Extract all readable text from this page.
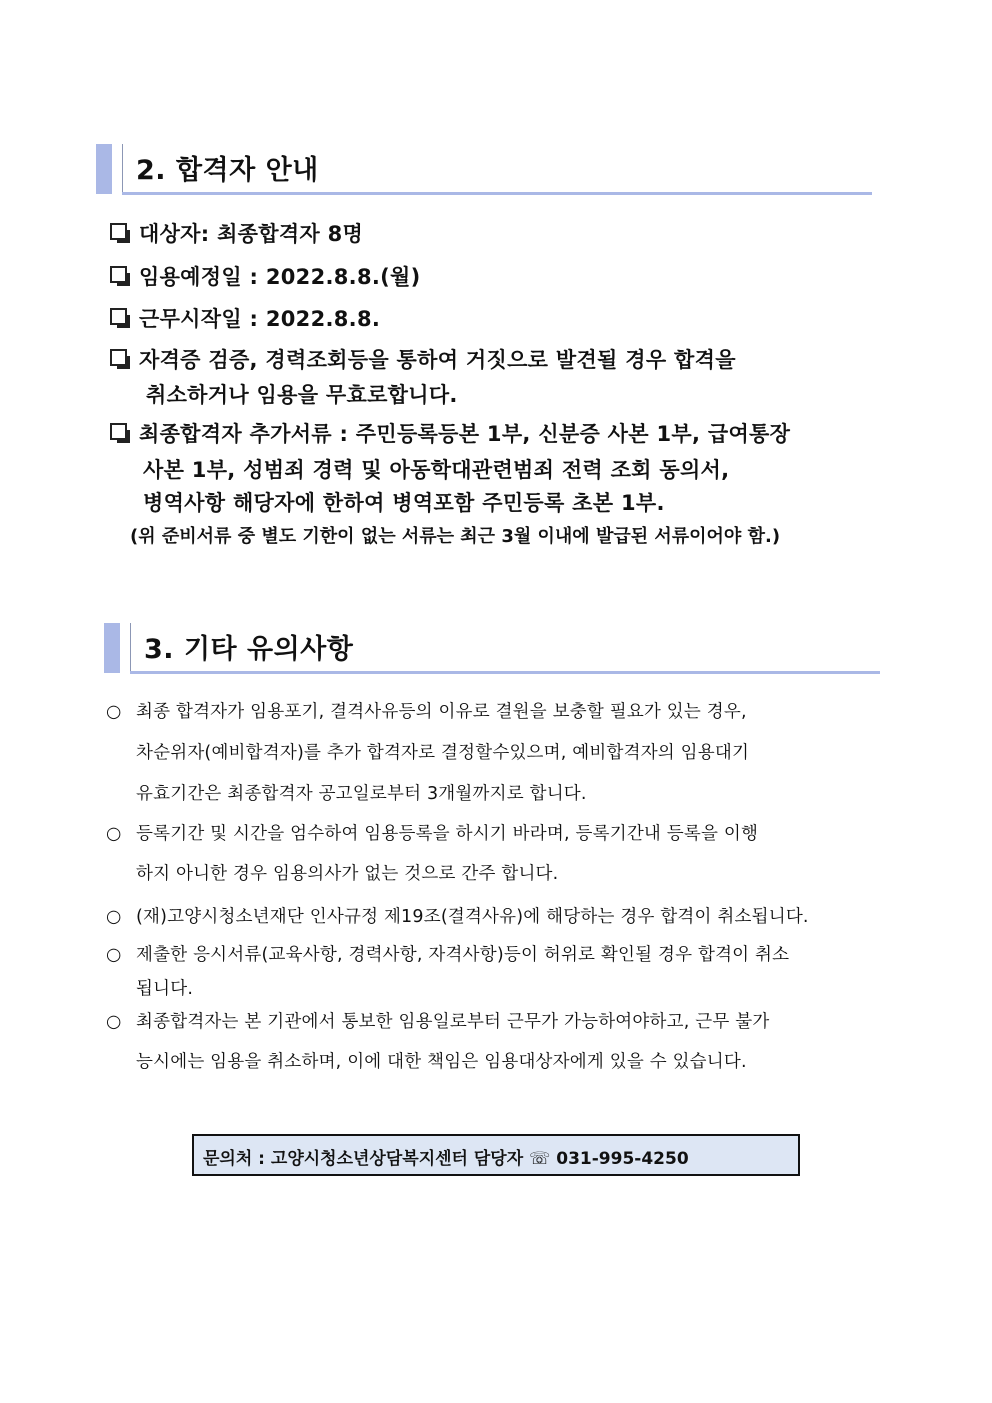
2. 합격자 안내
대상자: 최종합격자 8명
임용예정일 : 2022.8.8.(월)
근무시작일 : 2022.8.8.
자격증 검증, 경력조회등을 통하여 거짓으로 발견될 경우 합격을
취소하거나 임용을 무효로합니다.
최종합격자 추가서류 : 주민등록등본 1부, 신분증 사본 1부, 급여통장
사본 1부, 성범죄 경력 및 아동학대관련범죄 전력 조회 동의서,
병역사항 해당자에 한하여 병역포함 주민등록 초본 1부.
(위 준비서류 중 별도 기한이 없는 서류는 최근 3월 이내에 발급된 서류이어야 함.)
3. 기타 유의사항
○ 최종 합격자가 임용포기, 결격사유등의 이유로 결원을 보충할 필요가 있는 경우,
차순위자(예비합격자)를 추가 합격자로 결정할수있으며, 예비합격자의 임용대기
유효기간은 최종합격자 공고일로부터 3개월까지로 합니다.
○ 등록기간 및 시간을 엄수하여 임용등록을 하시기 바라며, 등록기간내 등록을 이행
하지 아니한 경우 임용의사가 없는 것으로 간주 합니다.
○ (재)고양시청소년재단 인사규정 제19조(결격사유)에 해당하는 경우 합격이 취소됩니다.
○ 제출한 응시서류(교육사항, 경력사항, 자격사항)등이 허위로 확인될 경우 합격이 취소
됩니다.
○ 최종합격자는 본 기관에서 통보한 임용일로부터 근무가 가능하여야하고, 근무 불가
능시에는 임용을 취소하며, 이에 대한 책임은 임용대상자에게 있을 수 있습니다.
문의처 : 고양시청소년상담복지센터 담당자 ☏ 031-995-4250
